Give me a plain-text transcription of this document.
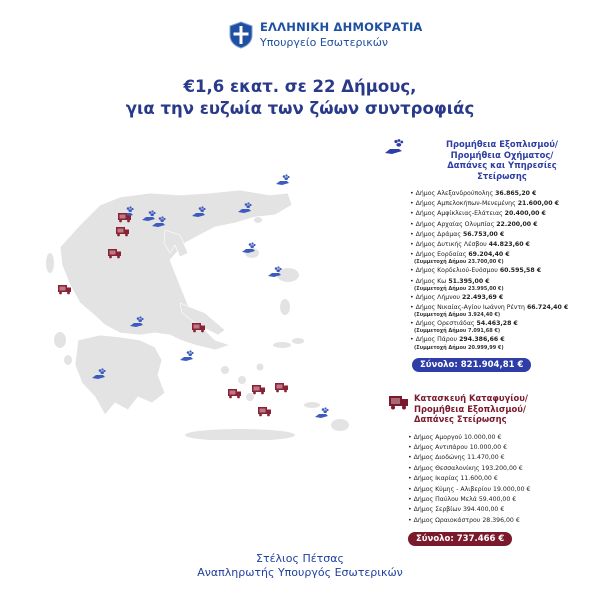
ΕΛΛΗΝΙΚΗ ΔΗΜΟΚΡΑΤΙΑ
Υπουργείο Εσωτερικών
€1,6 εκατ. σε 22 Δήμους,
για την ευζωία των ζώων συντροφιάς
Προμήθεια Εξοπλισμού/
Προμήθεια Οχήματος/
Δαπάνες και Υπηρεσίες
Στείρωσης
• Δήμος Αλεξανδρούπολης 36.865,20 €
• Δήμος Αμπελοκήπων-Μενεμένης 21.600,00 €
• Δήμος Αμφίκλειας-Ελάτειας 20.400,00 €
• Δήμος Αρχαίας Ολυμπίας 22.200,00 €
• Δήμος Δράμας 56.753,00 €
• Δήμος Δυτικής Λέσβου 44.823,60 €
• Δήμος Εορδαίας 69.204,40 €
(Συμμετοχή Δήμου 23.700,00 €)
• Δήμος Κορδελιού-Ευόσμου 60.595,58 €
• Δήμος Κω 51.395,00 €
(Συμμετοχή Δήμου 23.995,00 €)
• Δήμος Λήμνου 22.493,69 €
• Δήμος Νικαίας-Αγίου Ιωάννη Ρέντη 66.724,40 €
(Συμμετοχή Δήμου 3.924,40 €)
• Δήμος Ορεστιάδας 54.463,28 €
(Συμμετοχή Δήμου 7.091,68 €)
• Δήμος Πάρου 294.386,66 €
(Συμμετοχή Δήμου 20.999,99 €)
Σύνολο: 821.904,81 €
Κατασκευή Καταφυγίου/
Προμήθεια Εξοπλισμού/
Δαπάνες Στείρωσης
• Δήμος Αμοργού 10.000,00 €
• Δήμος Αντιπάρου 10.000,00 €
• Δήμος Διοδώνης 11.470,00 €
• Δήμος Θεσσαλονίκης 193.200,00 €
• Δήμος Ικαρίας 11.600,00 €
• Δήμος Κύμης - Αλιβερίου 19.000,00 €
• Δήμος Παύλου Μελά 59.400,00 €
• Δήμος Σερβίων 394.400,00 €
• Δήμος Ωραιοκάστρου 28.396,00 €
Σύνολο: 737.466 €
Στέλιος Πέτσας
Αναπληρωτής Υπουργός Εσωτερικών
